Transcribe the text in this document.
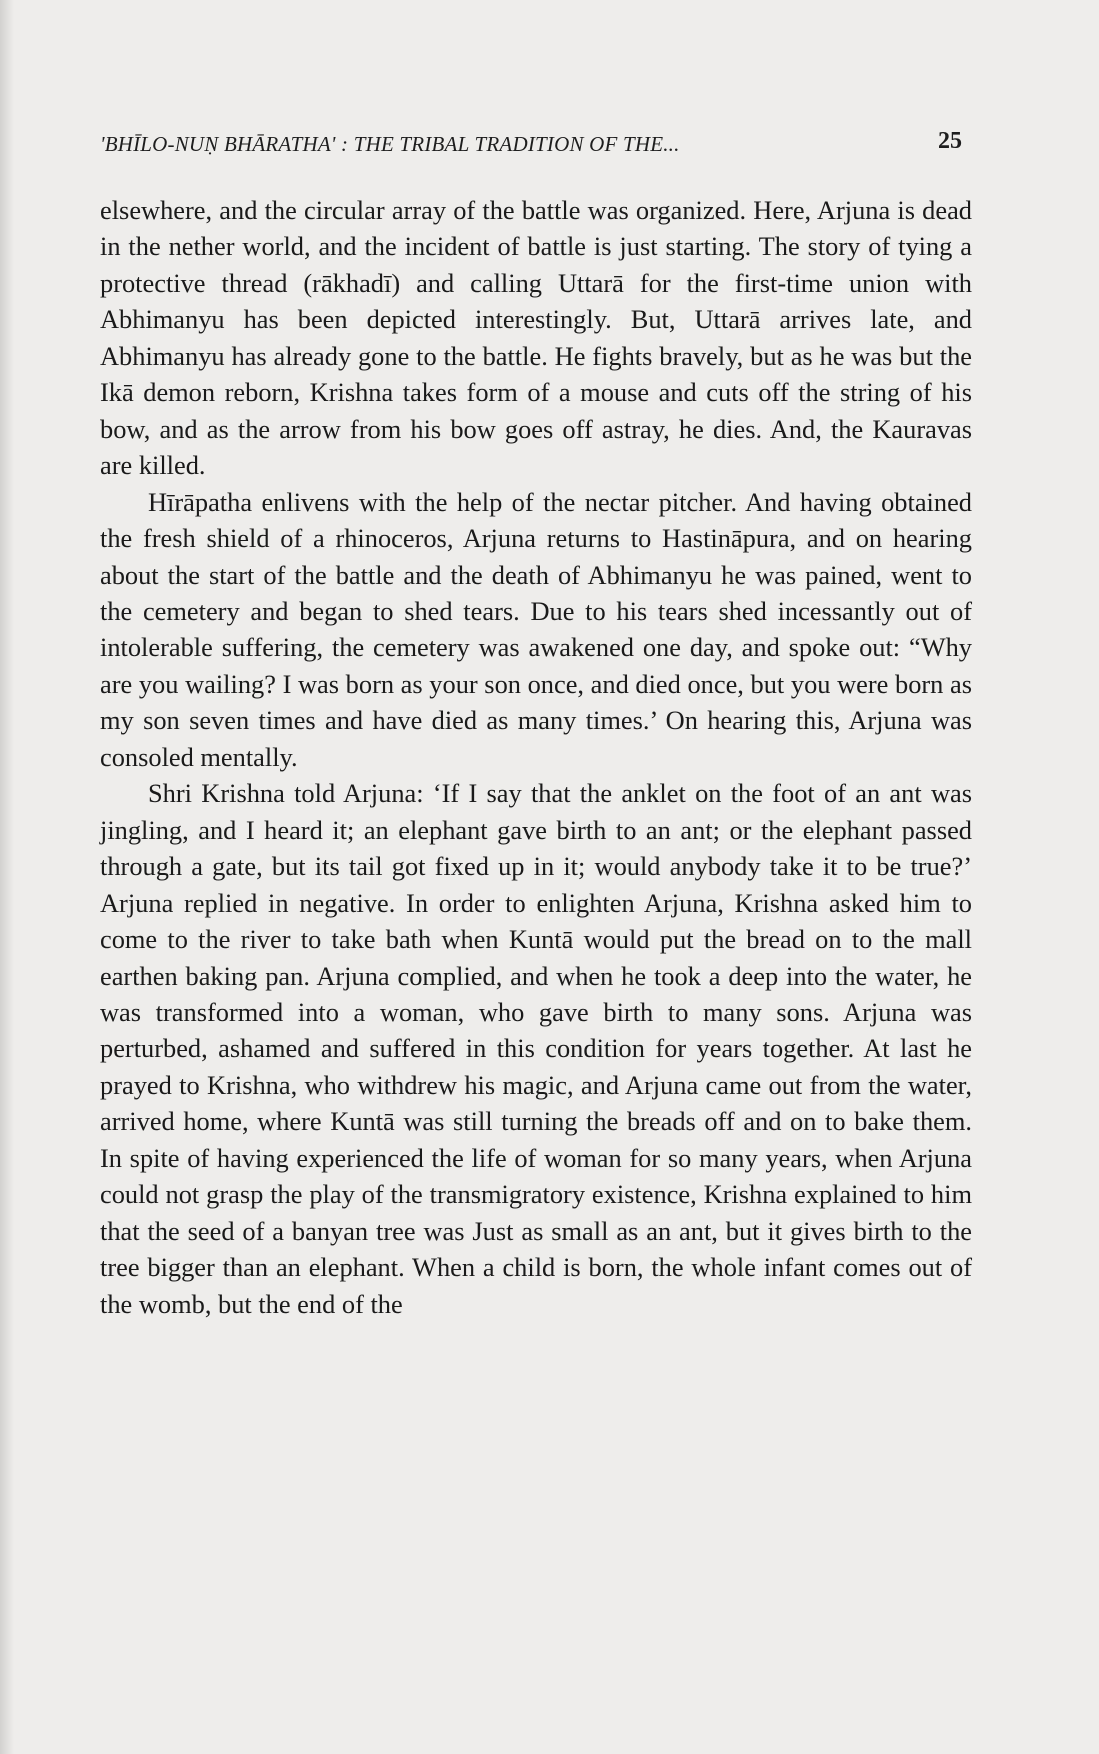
'BHĪLO-NUṆ BHĀRATHA' : THE TRIBAL TRADITION OF THE...	25

elsewhere, and the circular array of the battle was organized. Here, Arjuna is dead in the nether world, and the incident of battle is just starting. The story of tying a protective thread (rākhadī) and calling Uttarā for the first-time union with Abhimanyu has been depicted interestingly. But, Uttarā arrives late, and Abhimanyu has already gone to the battle. He fights bravely, but as he was but the Ikā demon reborn, Krishna takes form of a mouse and cuts off the string of his bow, and as the arrow from his bow goes off astray, he dies. And, the Kauravas are killed.

Hīrāpatha enlivens with the help of the nectar pitcher. And having obtained the fresh shield of a rhinoceros, Arjuna returns to Hastināpura, and on hearing about the start of the battle and the death of Abhimanyu he was pained, went to the cemetery and began to shed tears. Due to his tears shed incessantly out of intolerable suffering, the cemetery was awakened one day, and spoke out: “Why are you wailing? I was born as your son once, and died once, but you were born as my son seven times and have died as many times.’ On hearing this, Arjuna was consoled mentally.

Shri Krishna told Arjuna: ‘If I say that the anklet on the foot of an ant was jingling, and I heard it; an elephant gave birth to an ant; or the elephant passed through a gate, but its tail got fixed up in it; would anybody take it to be true?’ Arjuna replied in negative. In order to enlighten Arjuna, Krishna asked him to come to the river to take bath when Kuntā would put the bread on to the mall earthen baking pan. Arjuna complied, and when he took a deep into the water, he was transformed into a woman, who gave birth to many sons. Arjuna was perturbed, ashamed and suffered in this condition for years together. At last he prayed to Krishna, who withdrew his magic, and Arjuna came out from the water, arrived home, where Kuntā was still turning the breads off and on to bake them. In spite of having experienced the life of woman for so many years, when Arjuna could not grasp the play of the transmigratory existence, Krishna explained to him that the seed of a banyan tree was Just as small as an ant, but it gives birth to the tree bigger than an elephant. When a child is born, the whole infant comes out of the womb, but the end of the
